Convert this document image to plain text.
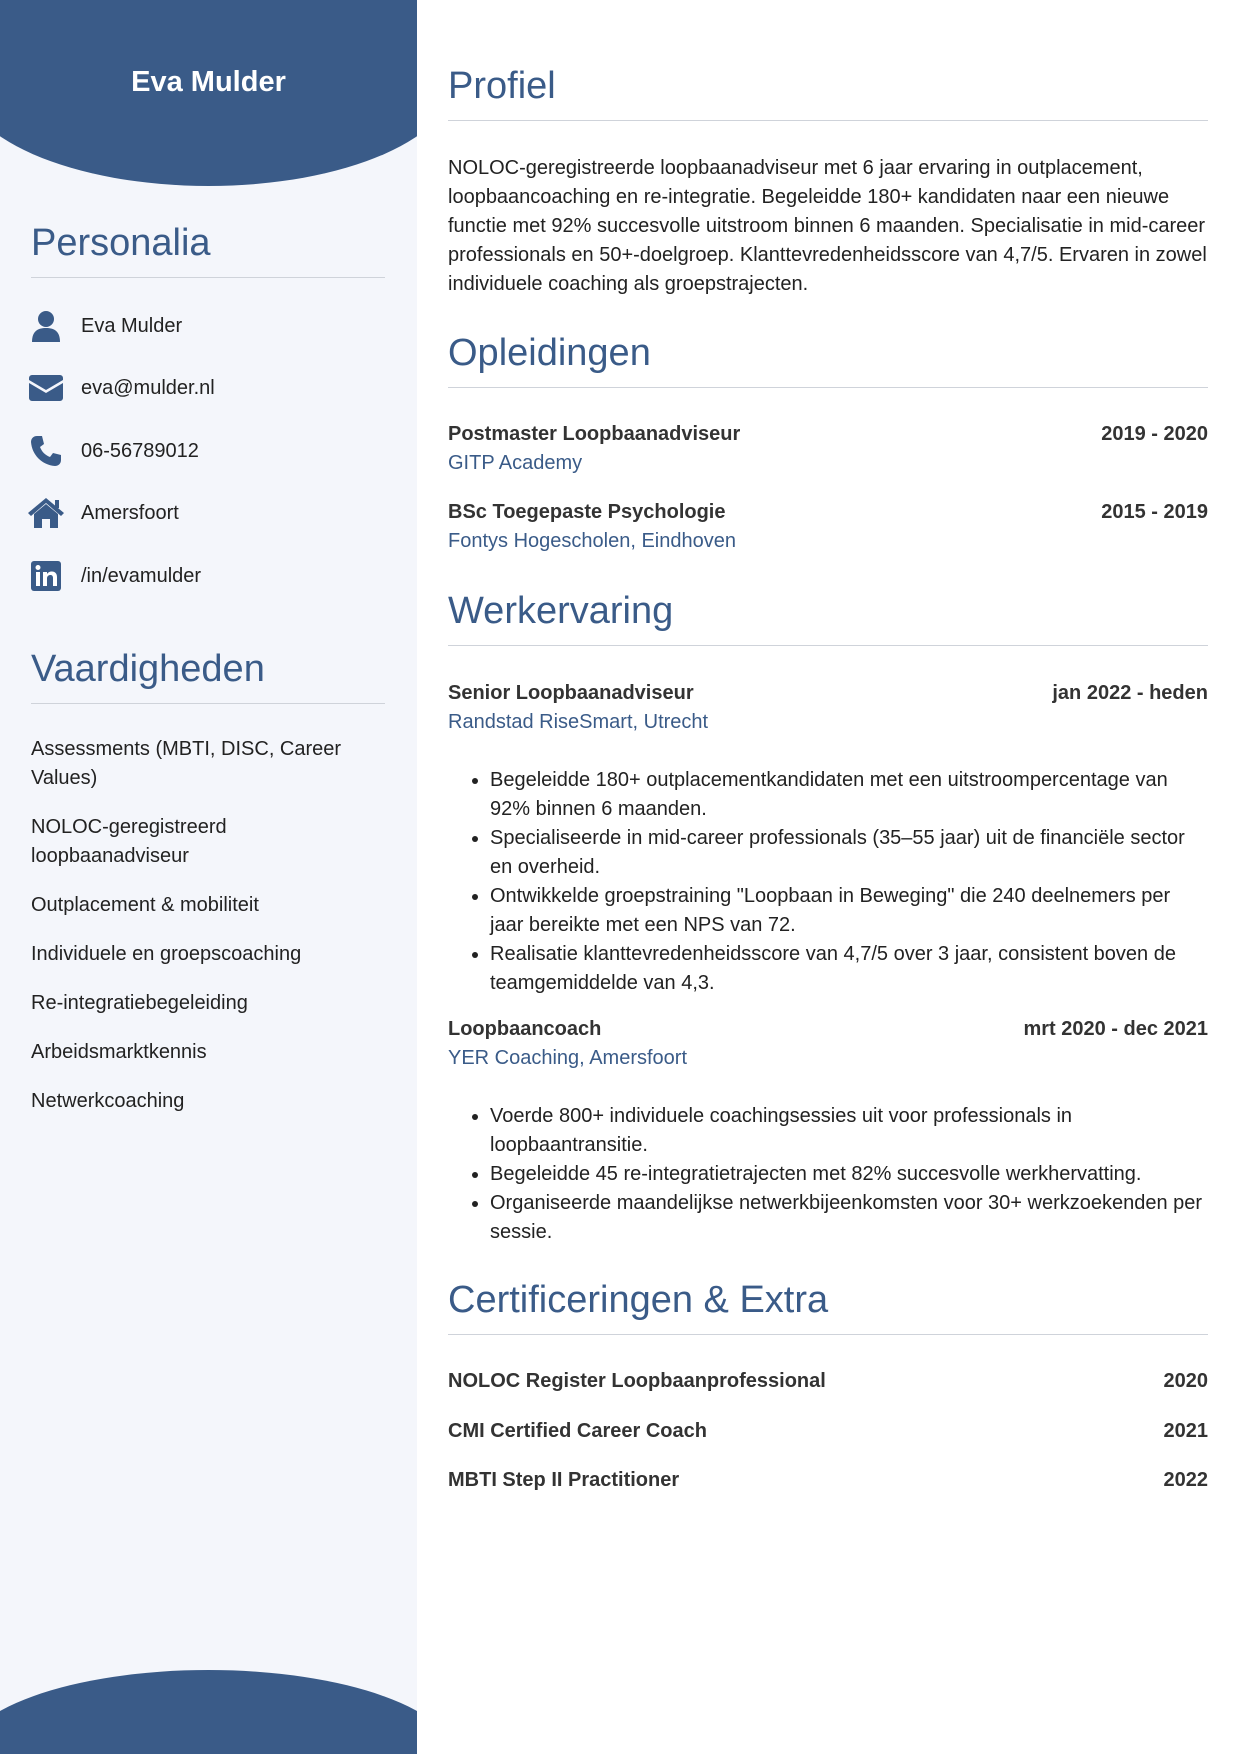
Eva Mulder
Personalia
Eva Mulder
eva@mulder.nl
06-56789012
Amersfoort
/in/evamulder
Vaardigheden
Assessments (MBTI, DISC, Career Values)
NOLOC-geregistreerd loopbaanadviseur
Outplacement & mobiliteit
Individuele en groepscoaching
Re-integratiebegeleiding
Arbeidsmarktkennis
Netwerkcoaching
Profiel

NOLOC-geregistreerde loopbaanadviseur met 6 jaar ervaring in outplacement, loopbaancoaching en re-integratie. Begeleidde 180+ kandidaten naar een nieuwe functie met 92% succesvolle uitstroom binnen 6 maanden. Specialisatie in mid-career professionals en 50+-doelgroep. Klanttevredenheidsscore van 4,7/5. Ervaren in zowel individuele coaching als groepstrajecten.

Opleidingen
Postmaster Loopbaanadviseur	2019 - 2020
GITP Academy
BSc Toegepaste Psychologie	2015 - 2019
Fontys Hogescholen, Eindhoven
Werkervaring
Senior Loopbaanadviseur	jan 2022 - heden
Randstad RiseSmart, Utrecht
• Begeleidde 180+ outplacementkandidaten met een uitstroompercentage van 92% binnen 6 maanden.
• Specialiseerde in mid-career professionals (35–55 jaar) uit de financiële sector en overheid.
• Ontwikkelde groepstraining "Loopbaan in Beweging" die 240 deelnemers per jaar bereikte met een NPS van 72.
• Realisatie klanttevredenheidsscore van 4,7/5 over 3 jaar, consistent boven de teamgemiddelde van 4,3.
Loopbaancoach	mrt 2020 - dec 2021
YER Coaching, Amersfoort
• Voerde 800+ individuele coachingsessies uit voor professionals in loopbaantransitie.
• Begeleidde 45 re-integratietrajecten met 82% succesvolle werkhervatting.
• Organiseerde maandelijkse netwerkbijeenkomsten voor 30+ werkzoekenden per sessie.
Certificeringen & Extra
NOLOC Register Loopbaanprofessional	2020
CMI Certified Career Coach	2021
MBTI Step II Practitioner	2022
